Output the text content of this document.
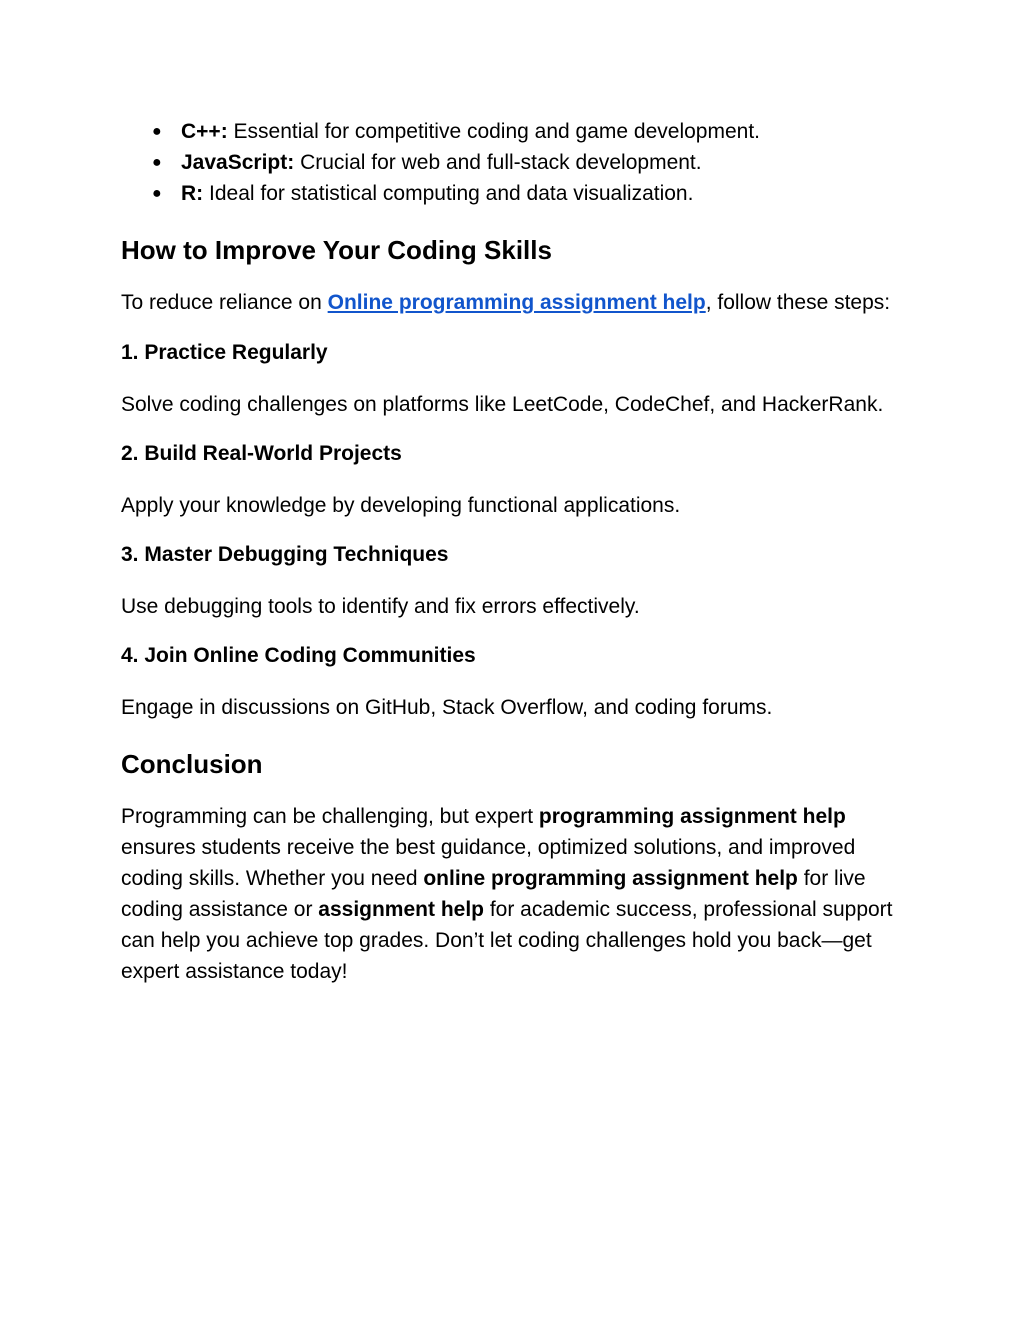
● C++: Essential for competitive coding and game development.
● JavaScript: Crucial for web and full-stack development.
● R: Ideal for statistical computing and data visualization.
How to Improve Your Coding Skills

To reduce reliance on Online programming assignment help, follow these steps:

1. Practice Regularly

Solve coding challenges on platforms like LeetCode, CodeChef, and HackerRank.

2. Build Real-World Projects

Apply your knowledge by developing functional applications.

3. Master Debugging Techniques

Use debugging tools to identify and fix errors effectively.

4. Join Online Coding Communities

Engage in discussions on GitHub, Stack Overflow, and coding forums.

Conclusion

Programming can be challenging, but expert programming assignment help ensures students receive the best guidance, optimized solutions, and improved coding skills. Whether you need online programming assignment help for live coding assistance or assignment help for academic success, professional support can help you achieve top grades. Don’t let coding challenges hold you back—get expert assistance today!
